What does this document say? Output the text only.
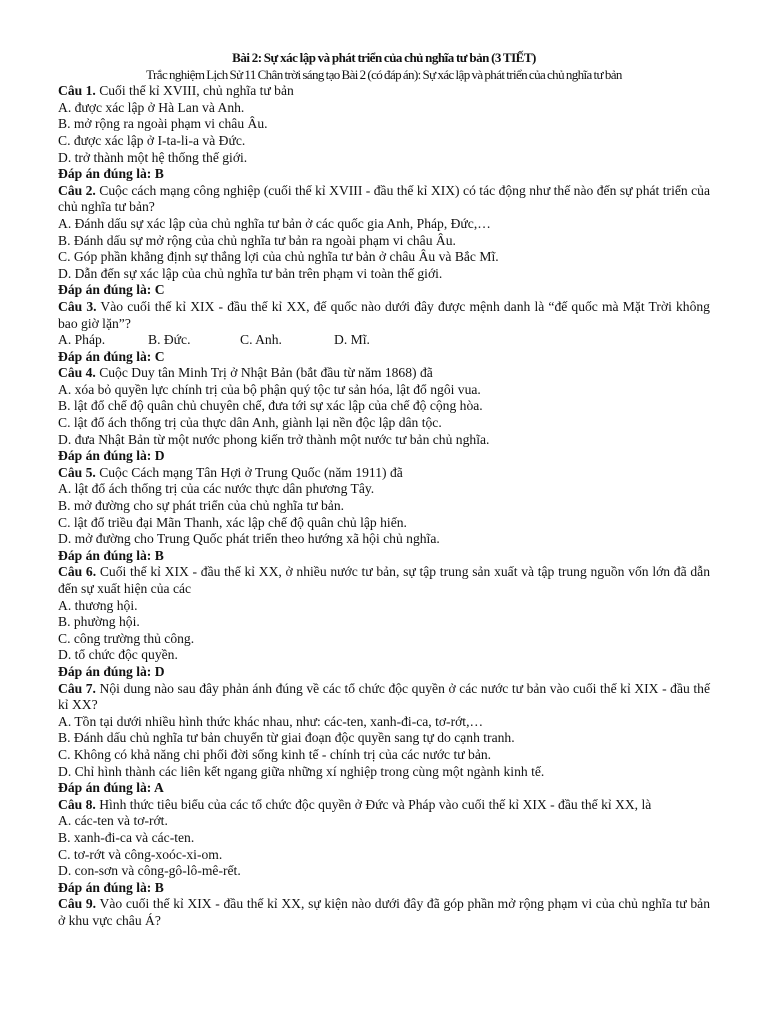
Bài 2: Sự xác lập và phát triển của chủ nghĩa tư bản (3 TIẾT)
Trắc nghiệm Lịch Sử 11 Chân trời sáng tạo Bài 2 (có đáp án): Sự xác lập và phát triển của chủ nghĩa tư bản
Câu 1. Cuối thế kỉ XVIII, chủ nghĩa tư bản
A. được xác lập ở Hà Lan và Anh.
B. mở rộng ra ngoài phạm vi châu Âu.
C. được xác lập ở I-ta-li-a và Đức.
D. trở thành một hệ thống thế giới.
Đáp án đúng là: B
Câu 2. Cuộc cách mạng công nghiệp (cuối thế kỉ XVIII - đầu thế kỉ XIX) có tác động như thế nào đến sự phát triển của chủ nghĩa tư bản?
A. Đánh dấu sự xác lập của chủ nghĩa tư bản ở các quốc gia Anh, Pháp, Đức,…
B. Đánh dấu sự mở rộng của chủ nghĩa tư bản ra ngoài phạm vi châu Âu.
C. Góp phần khẳng định sự thắng lợi của chủ nghĩa tư bản ở châu Âu và Bắc Mĩ.
D. Dẫn đến sự xác lập của chủ nghĩa tư bản trên phạm vi toàn thế giới.
Đáp án đúng là: C
Câu 3. Vào cuối thế kỉ XIX - đầu thế kỉ XX, đế quốc nào dưới đây được mệnh danh là “đế quốc mà Mặt Trời không bao giờ lặn”?
A. Pháp.	B. Đức.	C. Anh.	D. Mĩ.
Đáp án đúng là: C
Câu 4. Cuộc Duy tân Minh Trị ở Nhật Bản (bắt đầu từ năm 1868) đã
A. xóa bỏ quyền lực chính trị của bộ phận quý tộc tư sản hóa, lật đổ ngôi vua.
B. lật đổ chế độ quân chủ chuyên chế, đưa tới sự xác lập của chế độ cộng hòa.
C. lật đổ ách thống trị của thực dân Anh, giành lại nền độc lập dân tộc.
D. đưa Nhật Bản từ một nước phong kiến trở thành một nước tư bản chủ nghĩa.
Đáp án đúng là: D
Câu 5. Cuộc Cách mạng Tân Hợi ở Trung Quốc (năm 1911) đã
A. lật đổ ách thống trị của các nước thực dân phương Tây.
B. mở đường cho sự phát triển của chủ nghĩa tư bản.
C. lật đổ triều đại Mãn Thanh, xác lập chế độ quân chủ lập hiến.
D. mở đường cho Trung Quốc phát triển theo hướng xã hội chủ nghĩa.
Đáp án đúng là: B
Câu 6. Cuối thế kỉ XIX - đầu thế kỉ XX, ở nhiều nước tư bản, sự tập trung sản xuất và tập trung nguồn vốn lớn đã dẫn đến sự xuất hiện của các
A. thương hội.
B. phường hội.
C. công trường thủ công.
D. tổ chức độc quyền.
Đáp án đúng là: D
Câu 7. Nội dung nào sau đây phản ánh đúng về các tổ chức độc quyền ở các nước tư bản vào cuối thế kỉ XIX - đầu thế kỉ XX?
A. Tồn tại dưới nhiều hình thức khác nhau, như: các-ten, xanh-đi-ca, tơ-rớt,…
B. Đánh dấu chủ nghĩa tư bản chuyển từ giai đoạn độc quyền sang tự do cạnh tranh.
C. Không có khả năng chi phối đời sống kinh tế - chính trị của các nước tư bản.
D. Chỉ hình thành các liên kết ngang giữa những xí nghiệp trong cùng một ngành kinh tế.
Đáp án đúng là: A
Câu 8. Hình thức tiêu biểu của các tổ chức độc quyền ở Đức và Pháp vào cuối thế kỉ XIX - đầu thế kỉ XX, là
A. các-ten và tơ-rớt.
B. xanh-đi-ca và các-ten.
C. tơ-rớt và công-xoóc-xi-om.
D. con-sơn và công-gô-lô-mê-rết.
Đáp án đúng là: B
Câu 9. Vào cuối thế kỉ XIX - đầu thế kỉ XX, sự kiện nào dưới đây đã góp phần mở rộng phạm vi của chủ nghĩa tư bản ở khu vực châu Á?
